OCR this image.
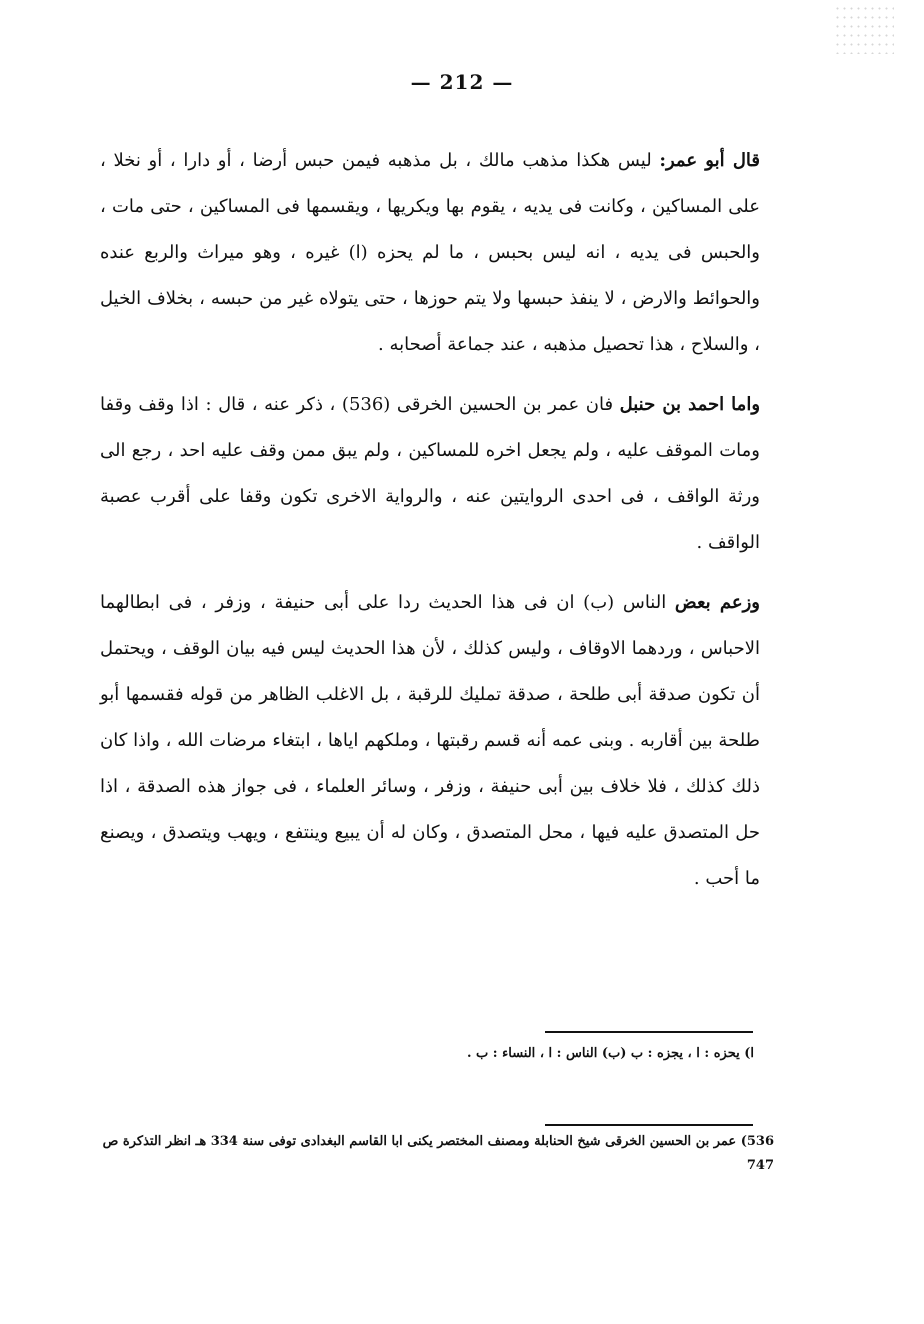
— 212 —

قال أبو عمر: ليس هكذا مذهب مالك ، بل مذهبه فيمن حبس أرضا ، أو دارا ، أو نخلا ، على المساكين ، وكانت فى يديه ، يقوم بها ويكريها ، ويقسمها فى المساكين ، حتى مات ، والحبس فى يديه ، انه ليس بحبس ، ما لم يحزه (ا) غيره ، وهو ميراث والربع عنده والحوائط والارض ، لا ينفذ حبسها ولا يتم حوزها ، حتى يتولاه غير من حبسه ، بخلاف الخيل ، والسلاح ، هذا تحصيل مذهبه ، عند جماعة أصحابه .

واما احمد بن حنبل فان عمر بن الحسين الخرقى (536) ، ذكر عنه ، قال : اذا وقف وقفا ومات الموقف عليه ، ولم يجعل اخره للمساكين ، ولم يبق ممن وقف عليه احد ، رجع الى ورثة الواقف ، فى احدى الروايتين عنه ، والرواية الاخرى تكون وقفا على أقرب عصبة الواقف .

وزعم بعض الناس (ب) ان فى هذا الحديث ردا على أبى حنيفة ، وزفر ، فى ابطالهما الاحباس ، وردهما الاوقاف ، وليس كذلك ، لأن هذا الحديث ليس فيه بيان الوقف ، ويحتمل أن تكون صدقة أبى طلحة ، صدقة تمليك للرقبة ، بل الاغلب الظاهر من قوله فقسمها أبو طلحة بين أقاربه . وبنى عمه أنه قسم رقبتها ، وملكهم اياها ، ابتغاء مرضات الله ، واذا كان ذلك كذلك ، فلا خلاف بين أبى حنيفة ، وزفر ، وسائر العلماء ، فى جواز هذه الصدقة ، اذا حل المتصدق عليه فيها ، محل المتصدق ، وكان له أن يبيع وينتفع ، ويهب ويتصدق ، ويصنع ما أحب .

ا) يحزه : ا ، يجزه : ب (ب) الناس : ا ، النساء : ب .
536) عمر بن الحسين الخرقى شيخ الحنابلة ومصنف المختصر يكنى ابا القاسم البغدادى توفى سنة 334 هـ انظر التذكرة ص 747
